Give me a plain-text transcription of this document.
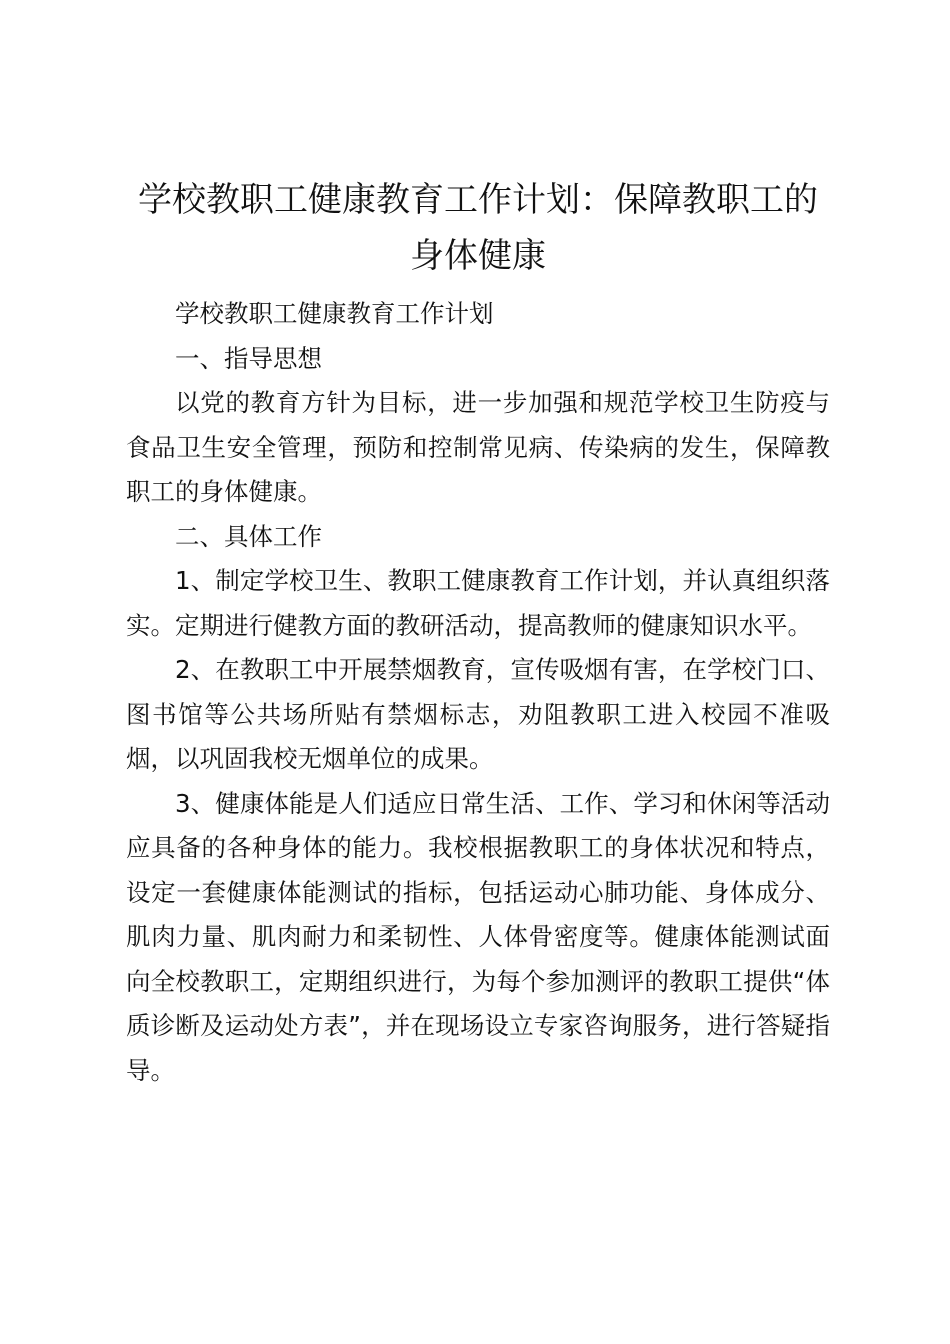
学校教职工健康教育工作计划：保障教职工的身体健康

学校教职工健康教育工作计划

一、指导思想

以党的教育方针为目标，进一步加强和规范学校卫生防疫与食品卫生安全管理，预防和控制常见病、传染病的发生，保障教职工的身体健康。

二、具体工作

1、制定学校卫生、教职工健康教育工作计划，并认真组织落实。定期进行健教方面的教研活动，提高教师的健康知识水平。

2、在教职工中开展禁烟教育，宣传吸烟有害，在学校门口、图书馆等公共场所贴有禁烟标志，劝阻教职工进入校园不准吸烟，以巩固我校无烟单位的成果。

3、健康体能是人们适应日常生活、工作、学习和休闲等活动应具备的各种身体的能力。我校根据教职工的身体状况和特点，设定一套健康体能测试的指标，包括运动心肺功能、身体成分、肌肉力量、肌肉耐力和柔韧性、人体骨密度等。健康体能测试面向全校教职工，定期组织进行，为每个参加测评的教职工提供“体质诊断及运动处方表”，并在现场设立专家咨询服务，进行答疑指导。
